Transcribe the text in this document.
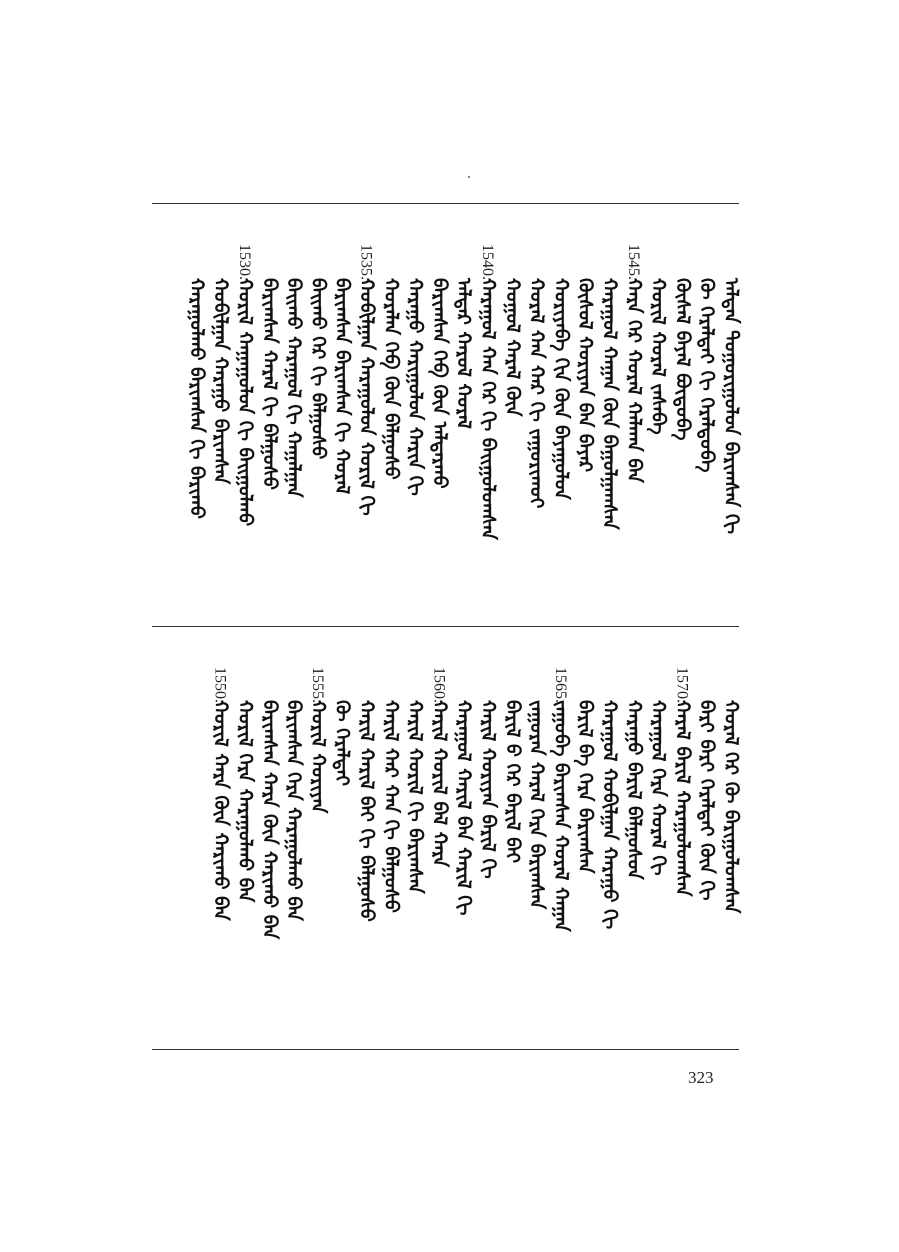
ᠠᠯᠲᠠᠨ ᠲᠣᠭᠣᠷᠢᠭᠤᠯᠤᠨ ᠪᠠᠷᠢᠭᠰᠠᠨ ᠬᠢ
ᠬᠦ ᠭᠡᠷᠡᠯᠲᠡᠢ ᠬᠢ ᠭᠡᠷᠡᠯᠲᠦᠪᠡ
ᠬᠦᠰᠡᠯ ᠪᠡᠶᠡᠯ ᠪᠦᠲᠦᠪᠡ
ᠬᠤᠷᠢᠯ ᠬᠤᠷᠠᠯ ᠵᠠᠰᠠᠪᠠ
ᠬᠠᠷᠠ ᠬᠡᠷ ᠬᠤᠷᠠᠯ ᠬᠠᠯᠬᠠᠨ ᠪᠠᠨ
ᠬᠠᠷᠠᠭᠤᠯ ᠬᠠᠭᠠᠨ ᠬᠦᠨ ᠪᠠᠭᠤᠯᠭᠠᠭᠰᠠᠨ
ᠬᠦᠰᠦᠯ ᠬᠤᠷᠢᠶᠠᠨ ᠪᠠᠨ ᠪᠠᠶᠠᠷ
ᠬᠤᠷᠢᠶᠠᠪᠠ ᠬᠢᠨ ᠬᠦᠨ ᠪᠠᠶᠠᠭᠤᠯᠤᠨ
ᠬᠤᠷᠠᠯ ᠬᠠᠨ ᠬᠠᠷ ᠬᠢ ᠵᠠᠭᠤᠷᠢᠬᠤᠢ
ᠬᠤᠭᠤᠯ ᠬᠠᠷᠠᠯ ᠬᠦᠨ
ᠬᠠᠷᠠᠭᠤᠯ ᠬᠠᠨ ᠬᠡᠷ ᠬᠢ ᠪᠠᠢᠭᠤᠯᠤᠭᠰᠠᠨ
ᠠᠯᠳᠠᠷ ᠬᠠᠷᠤᠯ ᠬᠤᠷᠠᠯ
ᠪᠠᠷᠢᠭᠰᠠᠨ ᠬᠡᠪ ᠬᠦᠨ ᠠᠯᠳᠠᠷᠬᠤ
ᠬᠠᠷᠠᠭᠤ ᠬᠠᠷᠢᠭᠤᠯᠤᠨ ᠬᠠᠷᠢᠨ ᠬᠢ
ᠬᠤᠷᠠᠯᠠᠨ ᠬᠡᠪ ᠬᠦᠨ ᠪᠠᠯᠭᠤᠰᠤ
ᠬᠤᠪᠢᠯᠭᠠᠨ ᠬᠠᠷᠠᠭᠤᠯᠤᠨ ᠬᠤᠷᠢᠯ ᠬᠢ
ᠪᠠᠷᠢᠭᠰᠠᠨ ᠪᠠᠷᠢᠭᠰᠠᠨ ᠬᠢ ᠬᠤᠷᠠᠯ
ᠪᠠᠢᠬᠤ ᠬᠡᠷ ᠬᠢ ᠪᠠᠯᠭᠤᠰᠤ
ᠪᠠᠢᠬᠤ ᠬᠠᠷᠠᠭᠤᠯ ᠬᠢ ᠬᠠᠭᠠᠯᠭᠠᠨ
ᠪᠠᠷᠢᠭᠰᠠᠨ ᠬᠠᠷᠠᠯ ᠬᠢ ᠪᠠᠯᠭᠤᠰᠤ
ᠬᠤᠷᠢᠯ ᠬᠠᠭᠠᠭᠤᠯᠤᠨ ᠬᠢ ᠪᠠᠢᠭᠤᠯᠬᠤ
ᠬᠤᠪᠢᠯᠭᠠᠨ ᠬᠠᠷᠠᠭᠤ ᠪᠠᠷᠢᠭᠰᠠᠨ
ᠬᠠᠷᠠᠭᠤᠯᠬᠤ ᠪᠠᠷᠢᠭᠰᠠᠨ ᠬᠢ ᠪᠠᠷᠢᠬᠤ
1545.
1540.
1535.
1530.
ᠬᠤᠷᠠᠯ ᠬᠡᠷ ᠬᠦ ᠪᠠᠷᠢᠭᠤᠯᠤᠭᠰᠠᠨ
ᠪᠠᠷᠢ ᠪᠠᠷᠢ ᠭᠡᠷᠡᠯᠲᠡᠢ ᠬᠦᠨ ᠬᠢ
ᠬᠠᠷᠠᠯ ᠪᠠᠷᠢᠯ ᠬᠠᠷᠠᠭᠤᠯᠤᠭᠰᠠᠨ
ᠬᠠᠷᠠᠭᠤᠯ ᠬᠡᠷᠡ ᠬᠤᠷᠠᠯ ᠬᠢ
ᠬᠠᠷᠠᠭᠤ ᠪᠠᠷᠢᠯ ᠪᠠᠯᠭᠤᠰᠤᠨ
ᠬᠠᠷᠠᠭᠤᠯ ᠬᠤᠪᠢᠯᠭᠠᠨ ᠬᠠᠷᠠᠭᠤ ᠬᠢ
ᠪᠠᠷᠢᠯ ᠪᠠ ᠬᠡᠷᠡ ᠪᠠᠷᠢᠭᠰᠠᠨ
ᠵᠠᠭᠤᠪᠠ ᠪᠠᠷᠢᠭᠰᠠᠨ ᠬᠤᠷᠠᠯ ᠬᠠᠭᠠᠨ
ᠵᠠᠭᠤᠷᠠᠨ ᠬᠠᠷᠠᠯ ᠬᠡᠷᠡ ᠪᠠᠷᠢᠭᠰᠠᠨ
ᠪᠠᠷᠢᠯ ᠪ ᠬᠡᠷ ᠪᠠᠷᠢᠯ ᠪᠠᠢ
ᠬᠠᠷᠢᠯ ᠬᠤᠷᠢᠶᠠᠨ ᠪᠠᠷᠢᠯ ᠬᠢ
ᠬᠠᠷᠠᠭᠤᠯ ᠬᠠᠷᠢᠯ ᠪᠠᠨ ᠬᠠᠷᠢᠯ ᠬᠢ
ᠬᠠᠷᠢᠯ ᠬᠤᠷᠢᠯ ᠪᠠᠯ ᠬᠠᠷᠠ
ᠬᠠᠷᠢᠯ ᠬᠤᠷᠢᠯ ᠬᠢ ᠪᠠᠷᠢᠭᠰᠠᠨ
ᠬᠠᠷᠢᠯ ᠬᠠᠷ ᠬᠠᠨ ᠬᠢ ᠪᠠᠯᠭᠤᠰᠤ
ᠬᠠᠷᠢᠯ ᠬᠠᠷᠢᠯ ᠪᠠᠢ ᠬᠢ ᠪᠠᠯᠭᠤᠰᠤ
ᠬᠦ ᠭᠡᠷᠡᠯᠲᠡᠢ
ᠬᠤᠷᠢᠯ ᠬᠤᠷᠢᠶᠠᠨ
ᠪᠠᠷᠢᠭᠰᠠᠨ ᠬᠡᠷᠡ ᠬᠠᠷᠠᠭᠤᠯᠬᠤ ᠪᠠᠨ
ᠪᠠᠷᠢᠭᠰᠠᠨ ᠬᠠᠷᠠ ᠬᠦᠨ ᠬᠠᠷᠢᠬᠤ ᠪᠠᠨ
ᠬᠤᠷᠢᠯ ᠬᠡᠷᠡ ᠬᠠᠷᠠᠭᠤᠯᠬᠤ ᠪᠠᠨ
ᠬᠤᠷᠢᠯ ᠬᠠᠷᠠ ᠬᠦᠨ ᠬᠠᠷᠢᠬᠤ ᠪᠠᠨ
1570.
1565.
1560.
1555.
1550.
323
